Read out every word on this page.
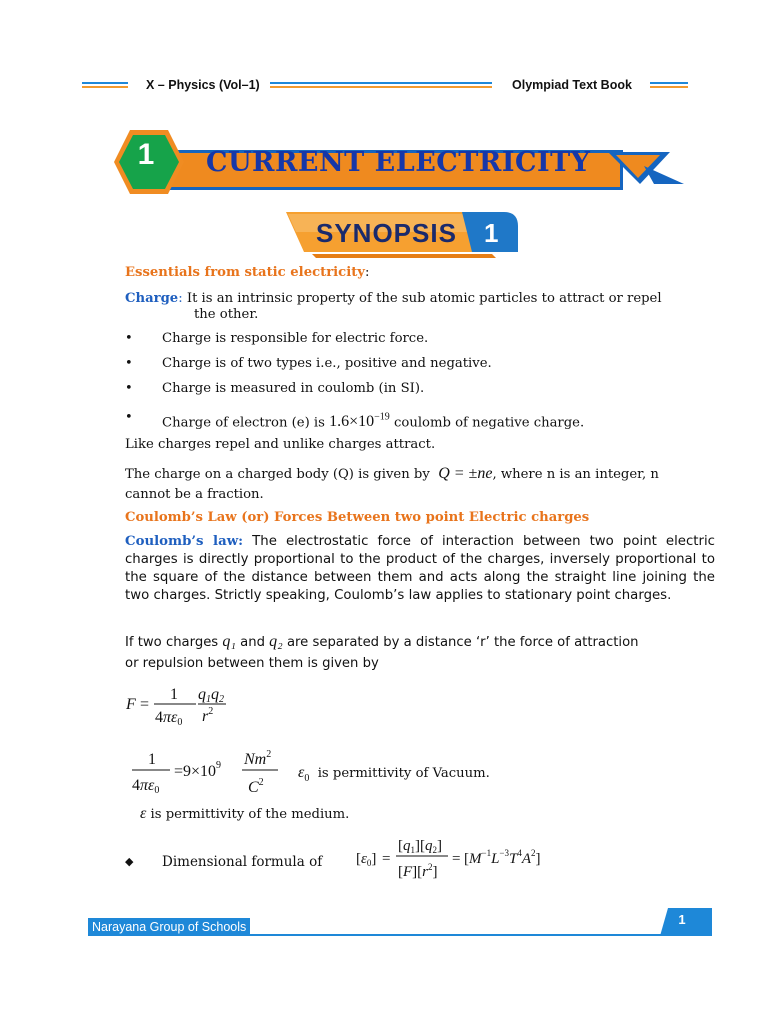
X – Physics (Vol–1)	Olympiad Text Book
1	CURRENT ELECTRICITY
SYNOPSIS 1
Essentials from static electricity:
Charge: It is an intrinsic property of the sub atomic particles to attract or repel
the other.
• Charge is responsible for electric force.
• Charge is of two types i.e., positive and negative.
• Charge is measured in coulomb (in SI).
• Charge of electron (e) is $1.6\times 10^{-19}$ coulomb of negative charge.
Like charges repel and unlike charges attract.
The charge on a charged body (Q) is given by Q = ±ne, where n is an integer, n
cannot be a fraction.
Coulomb’s Law (or) Forces Between two point Electric charges
Coulomb’s law: The electrostatic force of interaction between two point electric charges is directly proportional to the product of the charges, inversely proportional to the square of the distance between them and acts along the straight line joining the two charges. Strictly speaking, Coulomb’s law applies to stationary point charges.
If two charges q₁ and q₂ are separated by a distance ‘r’ the force of attraction
or repulsion between them is given by
F =
1
4πε0
q1q2
$r^2$
1
4πε0
$=9\times 10^9$ Nm$^2$
$C^2$
$\varepsilon_0$ is permittivity of Vacuum.
ε is permittivity of the medium.
◆ Dimensional formula of $[\varepsilon_0]$ =
$[q_1][q_2]$
$[F][r^2]$
= $[M^{-1}L^{-3}T^4A^2]$
Narayana Group of Schools	1
